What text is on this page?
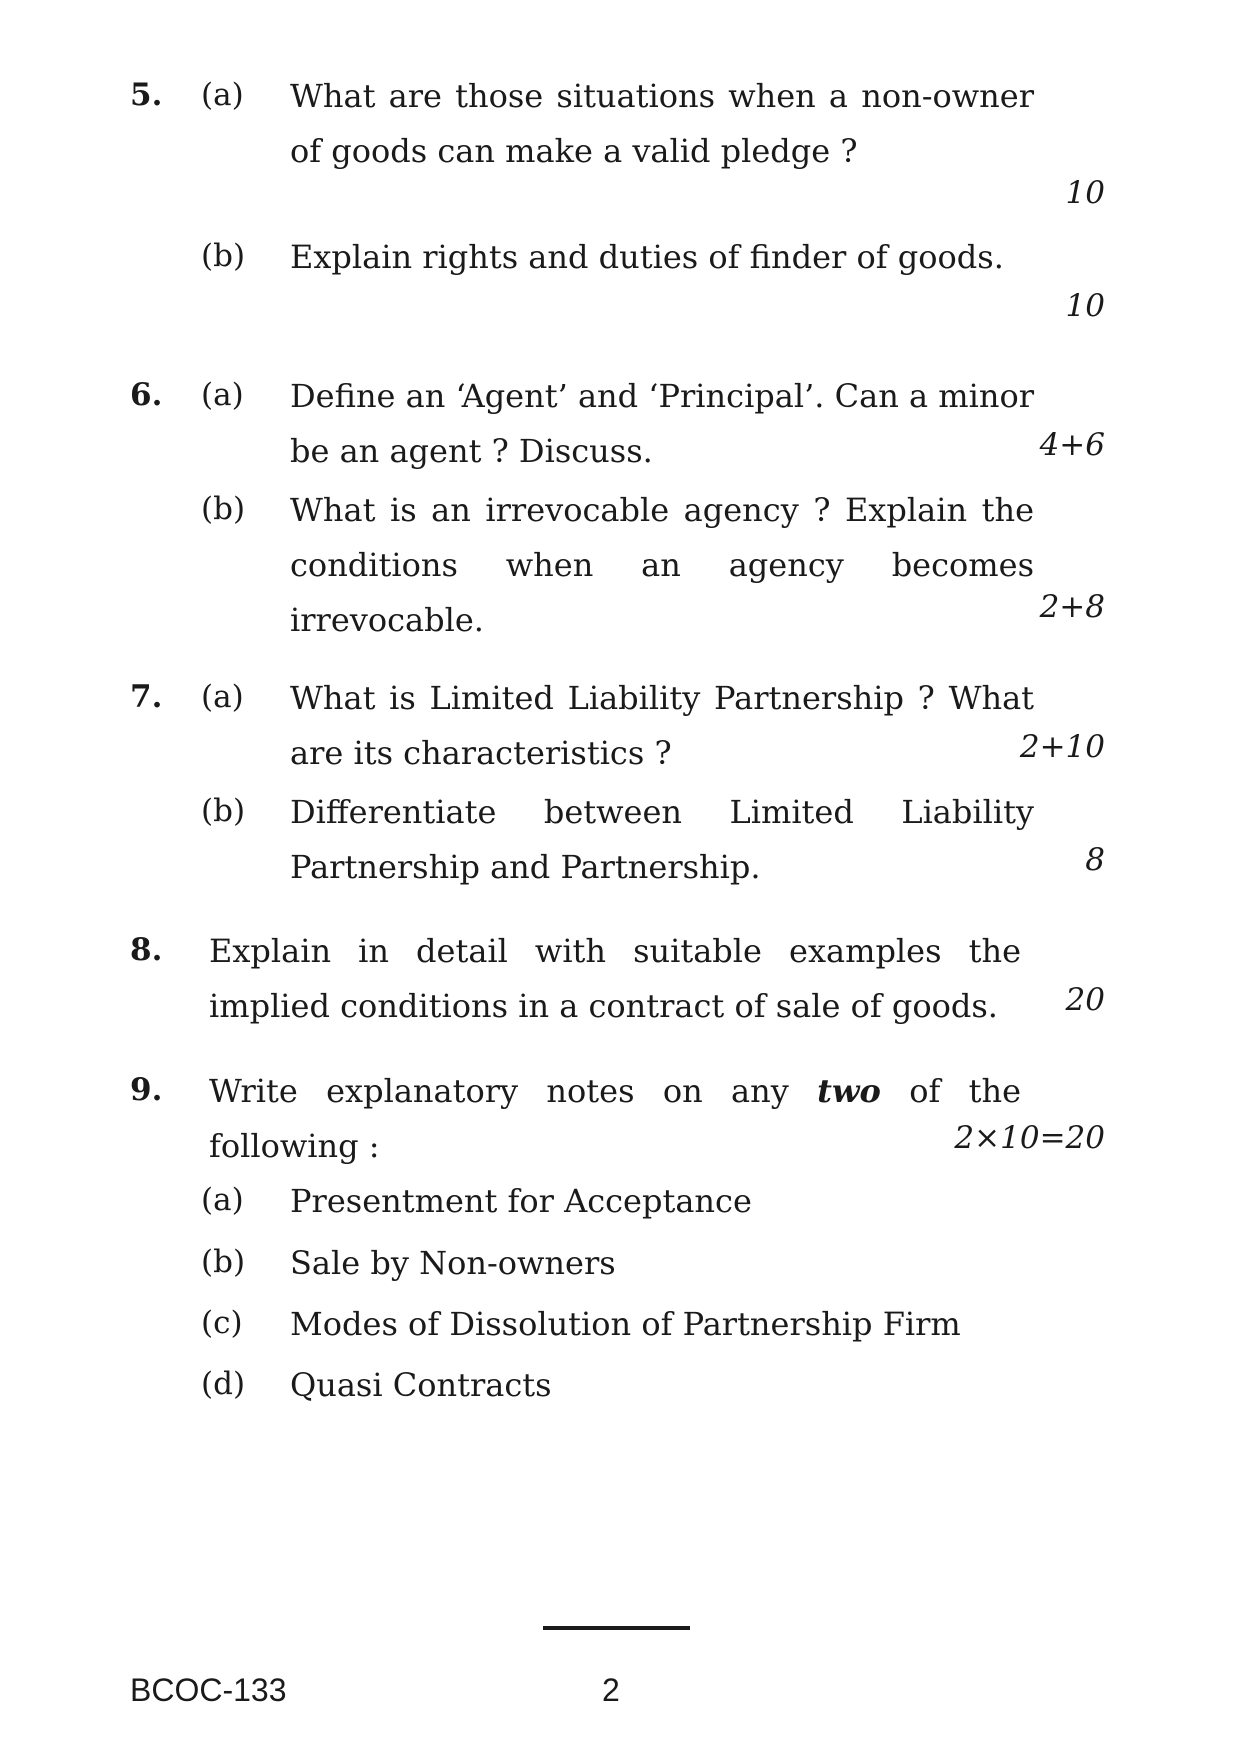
5. (a) What are those situations when a non-owner of goods can make a valid pledge ?
10
(b) Explain rights and duties of finder of goods.
10
6. (a) Define an ‘Agent’ and ‘Principal’. Can a minor be an agent ? Discuss.	4+6
(b) What is an irrevocable agency ? Explain the conditions when an agency becomes irrevocable.	2+8
7. (a) What is Limited Liability Partnership ? What are its characteristics ?	2+10
(b) Differentiate between Limited Liability Partnership and Partnership.	8
8. Explain in detail with suitable examples the implied conditions in a contract of sale of goods.	20
9. Write explanatory notes on any two of the following :	2×10=20
(a) Presentment for Acceptance
(b) Sale by Non-owners
(c) Modes of Dissolution of Partnership Firm
(d) Quasi Contracts
BCOC-133	2
